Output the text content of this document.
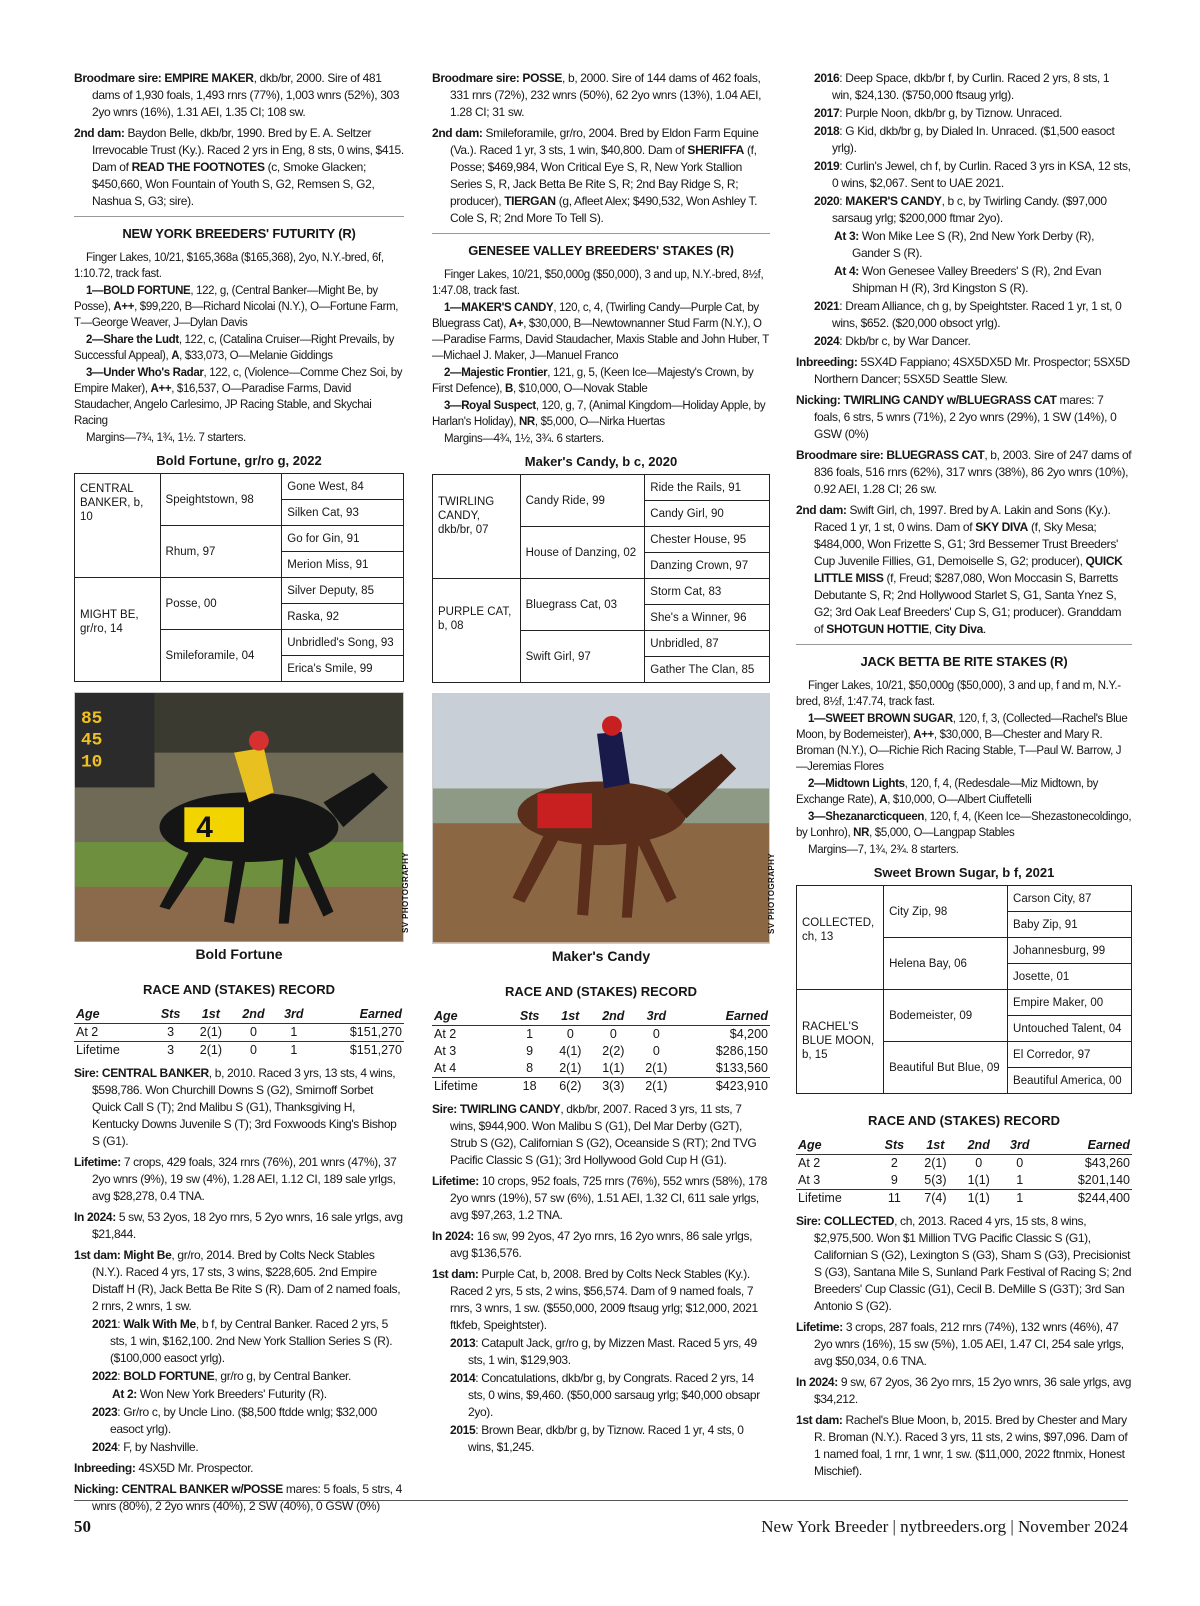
Broodmare sire: EMPIRE MAKER, dkb/br, 2000. Sire of 481 dams of 1,930 foals, 1,493 rnrs (77%), 1,003 wnrs (52%), 303 2yo wnrs (16%), 1.31 AEI, 1.35 CI; 108 sw.

2nd dam: Baydon Belle, dkb/br, 1990. Bred by E. A. Seltzer Irrevocable Trust (Ky.). Raced 2 yrs in Eng, 8 sts, 0 wins, $415. Dam of READ THE FOOTNOTES (c, Smoke Glacken; $450,660, Won Fountain of Youth S, G2, Remsen S, G2, Nashua S, G3; sire).

NEW YORK BREEDERS' FUTURITY (R)

Finger Lakes, 10/21, $165,368a ($165,368), 2yo, N.Y.-bred, 6f, 1:10.72, track fast.

1—BOLD FORTUNE, 122, g, (Central Banker—Might Be, by Posse), A++, $99,220, B—Richard Nicolai (N.Y.), O—Fortune Farm, T—George Weaver, J—Dylan Davis

2—Share the Ludt, 122, c, (Catalina Cruiser—Right Prevails, by Successful Appeal), A, $33,073, O—Melanie Giddings

3—Under Who's Radar, 122, c, (Violence—Comme Chez Soi, by Empire Maker), A++, $16,537, O—Paradise Farms, David Staudacher, Angelo Carlesimo, JP Racing Stable, and Skychai Racing

Margins—7¾, 1¾, 1½. 7 starters.

Bold Fortune, gr/ro g, 2022
CENTRAL BANKER, b, 10	Speightstown, 98	Gone West, 84
		Silken Cat, 93
	Rhum, 97	Go for Gin, 91
		Merion Miss, 91
MIGHT BE, gr/ro, 14	Posse, 00	Silver Deputy, 85
		Raska, 92
	Smileforamile, 04	Unbridled's Song, 93
		Erica's Smile, 99
85
45
10
4
SV PHOTOGRAPHY
Bold Fortune
RACE AND (STAKES) RECORD
Age	Sts	1st	2nd	3rd	Earned
At 2	3	2(1)	0	1	$151,270
Lifetime	3	2(1)	0	1	$151,270

Sire: CENTRAL BANKER, b, 2010. Raced 3 yrs, 13 sts, 4 wins, $598,786. Won Churchill Downs S (G2), Smirnoff Sorbet Quick Call S (T); 2nd Malibu S (G1), Thanksgiving H, Kentucky Downs Juvenile S (T); 3rd Foxwoods King's Bishop S (G1).

Lifetime: 7 crops, 429 foals, 324 rnrs (76%), 201 wnrs (47%), 37 2yo wnrs (9%), 19 sw (4%), 1.28 AEI, 1.12 CI, 189 sale yrlgs, avg $28,278, 0.4 TNA.

In 2024: 5 sw, 53 2yos, 18 2yo rnrs, 5 2yo wnrs, 16 sale yrlgs, avg $21,844.

1st dam: Might Be, gr/ro, 2014. Bred by Colts Neck Stables (N.Y.). Raced 4 yrs, 17 sts, 3 wins, $228,605. 2nd Empire Distaff H (R), Jack Betta Be Rite S (R). Dam of 2 named foals, 2 rnrs, 2 wnrs, 1 sw.

2021: Walk With Me, b f, by Central Banker. Raced 2 yrs, 5 sts, 1 win, $162,100. 2nd New York Stallion Series S (R). ($100,000 easoct yrlg).

2022: BOLD FORTUNE, gr/ro g, by Central Banker.

At 2: Won New York Breeders' Futurity (R).

2023: Gr/ro c, by Uncle Lino. ($8,500 ftdde wnlg; $32,000 easoct yrlg).

2024: F, by Nashville.

Inbreeding: 4SX5D Mr. Prospector.

Nicking: CENTRAL BANKER w/POSSE mares: 5 foals, 5 strs, 4 wnrs (80%), 2 2yo wnrs (40%), 2 SW (40%), 0 GSW (0%)

Broodmare sire: POSSE, b, 2000. Sire of 144 dams of 462 foals, 331 rnrs (72%), 232 wnrs (50%), 62 2yo wnrs (13%), 1.04 AEI, 1.28 CI; 31 sw.

2nd dam: Smileforamile, gr/ro, 2004. Bred by Eldon Farm Equine (Va.). Raced 1 yr, 3 sts, 1 win, $40,800. Dam of SHERIFFA (f, Posse; $469,984, Won Critical Eye S, R, New York Stallion Series S, R, Jack Betta Be Rite S, R; 2nd Bay Ridge S, R; producer), TIERGAN (g, Afleet Alex; $490,532, Won Ashley T. Cole S, R; 2nd More To Tell S).

GENESEE VALLEY BREEDERS' STAKES (R)

Finger Lakes, 10/21, $50,000g ($50,000), 3 and up, N.Y.-bred, 8½f, 1:47.08, track fast.

1—MAKER'S CANDY, 120, c, 4, (Twirling Candy—Purple Cat, by Bluegrass Cat), A+, $30,000, B—Newtownanner Stud Farm (N.Y.), O—Paradise Farms, David Staudacher, Maxis Stable and John Huber, T—Michael J. Maker, J—Manuel Franco

2—Majestic Frontier, 121, g, 5, (Keen Ice—Majesty's Crown, by First Defence), B, $10,000, O—Novak Stable

3—Royal Suspect, 120, g, 7, (Animal Kingdom—Holiday Apple, by Harlan's Holiday), NR, $5,000, O—Nirka Huertas

Margins—4¾, 1½, 3¾. 6 starters.

Maker's Candy, b c, 2020
TWIRLING CANDY, dkb/br, 07	Candy Ride, 99	Ride the Rails, 91
		Candy Girl, 90
	House of Danzing, 02	Chester House, 95
		Danzing Crown, 97
PURPLE CAT, b, 08	Bluegrass Cat, 03	Storm Cat, 83
		She's a Winner, 96
	Swift Girl, 97	Unbridled, 87
		Gather The Clan, 85
SV PHOTOGRAPHY
Maker's Candy
RACE AND (STAKES) RECORD
Age	Sts	1st	2nd	3rd	Earned
At 2	1	0	0	0	$4,200
At 3	9	4(1)	2(2)	0	$286,150
At 4	8	2(1)	1(1)	2(1)	$133,560
Lifetime	18	6(2)	3(3)	2(1)	$423,910

Sire: TWIRLING CANDY, dkb/br, 2007. Raced 3 yrs, 11 sts, 7 wins, $944,900. Won Malibu S (G1), Del Mar Derby (G2T), Strub S (G2), Californian S (G2), Oceanside S (RT); 2nd TVG Pacific Classic S (G1); 3rd Hollywood Gold Cup H (G1).

Lifetime: 10 crops, 952 foals, 725 rnrs (76%), 552 wnrs (58%), 178 2yo wnrs (19%), 57 sw (6%), 1.51 AEI, 1.32 CI, 611 sale yrlgs, avg $97,263, 1.2 TNA.

In 2024: 16 sw, 99 2yos, 47 2yo rnrs, 16 2yo wnrs, 86 sale yrlgs, avg $136,576.

1st dam: Purple Cat, b, 2008. Bred by Colts Neck Stables (Ky.). Raced 2 yrs, 5 sts, 2 wins, $56,574. Dam of 9 named foals, 7 rnrs, 3 wnrs, 1 sw. ($550,000, 2009 ftsaug yrlg; $12,000, 2021 ftkfeb, Speightster).

2013: Catapult Jack, gr/ro g, by Mizzen Mast. Raced 5 yrs, 49 sts, 1 win, $129,903.

2014: Concatulations, dkb/br g, by Congrats. Raced 2 yrs, 14 sts, 0 wins, $9,460. ($50,000 sarsaug yrlg; $40,000 obsapr 2yo).

2015: Brown Bear, dkb/br g, by Tiznow. Raced 1 yr, 4 sts, 0 wins, $1,245.

2016: Deep Space, dkb/br f, by Curlin. Raced 2 yrs, 8 sts, 1 win, $24,130. ($750,000 ftsaug yrlg).

2017: Purple Noon, dkb/br g, by Tiznow. Unraced.

2018: G Kid, dkb/br g, by Dialed In. Unraced. ($1,500 easoct yrlg).

2019: Curlin's Jewel, ch f, by Curlin. Raced 3 yrs in KSA, 12 sts, 0 wins, $2,067. Sent to UAE 2021.

2020: MAKER'S CANDY, b c, by Twirling Candy. ($97,000 sarsaug yrlg; $200,000 ftmar 2yo).

At 3: Won Mike Lee S (R), 2nd New York Derby (R), Gander S (R).

At 4: Won Genesee Valley Breeders' S (R), 2nd Evan Shipman H (R), 3rd Kingston S (R).

2021: Dream Alliance, ch g, by Speightster. Raced 1 yr, 1 st, 0 wins, $652. ($20,000 obsoct yrlg).

2024: Dkb/br c, by War Dancer.

Inbreeding: 5SX4D Fappiano; 4SX5DX5D Mr. Prospector; 5SX5D Northern Dancer; 5SX5D Seattle Slew.

Nicking: TWIRLING CANDY w/BLUEGRASS CAT mares: 7 foals, 6 strs, 5 wnrs (71%), 2 2yo wnrs (29%), 1 SW (14%), 0 GSW (0%)

Broodmare sire: BLUEGRASS CAT, b, 2003. Sire of 247 dams of 836 foals, 516 rnrs (62%), 317 wnrs (38%), 86 2yo wnrs (10%), 0.92 AEI, 1.28 CI; 26 sw.

2nd dam: Swift Girl, ch, 1997. Bred by A. Lakin and Sons (Ky.). Raced 1 yr, 1 st, 0 wins. Dam of SKY DIVA (f, Sky Mesa; $484,000, Won Frizette S, G1; 3rd Bessemer Trust Breeders' Cup Juvenile Fillies, G1, Demoiselle S, G2; producer), QUICK LITTLE MISS (f, Freud; $287,080, Won Moccasin S, Barretts Debutante S, R; 2nd Hollywood Starlet S, G1, Santa Ynez S, G2; 3rd Oak Leaf Breeders' Cup S, G1; producer). Granddam of SHOTGUN HOTTIE, City Diva.

JACK BETTA BE RITE STAKES (R)

Finger Lakes, 10/21, $50,000g ($50,000), 3 and up, f and m, N.Y.-bred, 8½f, 1:47.74, track fast.

1—SWEET BROWN SUGAR, 120, f, 3, (Collected—Rachel's Blue Moon, by Bodemeister), A++, $30,000, B—Chester and Mary R. Broman (N.Y.), O—Richie Rich Racing Stable, T—Paul W. Barrow, J—Jeremias Flores

2—Midtown Lights, 120, f, 4, (Redesdale—Miz Midtown, by Exchange Rate), A, $10,000, O—Albert Ciuffetelli

3—Shezanarcticqueen, 120, f, 4, (Keen Ice—Shezastonecoldingo, by Lonhro), NR, $5,000, O—Langpap Stables

Margins—7, 1¾, 2¾. 8 starters.

Sweet Brown Sugar, b f, 2021
COLLECTED, ch, 13	City Zip, 98	Carson City, 87
		Baby Zip, 91
	Helena Bay, 06	Johannesburg, 99
		Josette, 01
RACHEL'S BLUE MOON, b, 15	Bodemeister, 09	Empire Maker, 00
		Untouched Talent, 04
	Beautiful But Blue, 09	El Corredor, 97
		Beautiful America, 00
RACE AND (STAKES) RECORD
Age	Sts	1st	2nd	3rd	Earned
At 2	2	2(1)	0	0	$43,260
At 3	9	5(3)	1(1)	1	$201,140
Lifetime	11	7(4)	1(1)	1	$244,400

Sire: COLLECTED, ch, 2013. Raced 4 yrs, 15 sts, 8 wins, $2,975,500. Won $1 Million TVG Pacific Classic S (G1), Californian S (G2), Lexington S (G3), Sham S (G3), Precisionist S (G3), Santana Mile S, Sunland Park Festival of Racing S; 2nd Breeders' Cup Classic (G1), Cecil B. DeMille S (G3T); 3rd San Antonio S (G2).

Lifetime: 3 crops, 287 foals, 212 rnrs (74%), 132 wnrs (46%), 47 2yo wnrs (16%), 15 sw (5%), 1.05 AEI, 1.47 CI, 254 sale yrlgs, avg $50,034, 0.6 TNA.

In 2024: 9 sw, 67 2yos, 36 2yo rnrs, 15 2yo wnrs, 36 sale yrlgs, avg $34,212.

1st dam: Rachel's Blue Moon, b, 2015. Bred by Chester and Mary R. Broman (N.Y.). Raced 3 yrs, 11 sts, 2 wins, $97,096. Dam of 1 named foal, 1 rnr, 1 wnr, 1 sw. ($11,000, 2022 ftnmix, Honest Mischief).

50	New York Breeder | nytbreeders.org | November 2024
